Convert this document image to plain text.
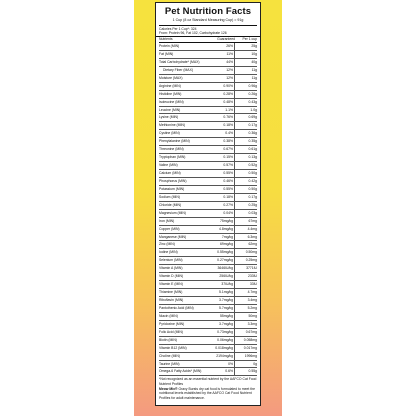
Pet Nutrition Facts
1 Cup (8 oz Standard Measuring Cup) = 91g
Calories Per 1 Cup*: 324
From: Protein 96, Fat 102, Carbohydrate 126
Nutrients	Guaranteed	Per 1 cup
Protein (MIN)	26%	25g
Fat (MIN)	11%	10g
Total Carbohydrate* (MAX)	44%	40g
Dietary Fiber (MAX)	12%	11g
Moisture (MAX)	12%	11g
Arginine (MIN)	0.90%	0.96g
Histidine (MIN)	0.28%	0.26g
Isoleucine (MIN)	0.48%	0.43g
Leucine (MIN)	1.1%	1.0g
Lysine (MIN)	0.76%	0.69g
Methionine (MIN)	0.18%	0.17g
Cystine (MIN)	0.4%	0.36g
Phenylalanine (MIN)	0.38%	0.35g
Threonine (MIN)	0.67%	0.61g
Tryptophan (MIN)	0.15%	0.13g
Valine (MIN)	0.57%	0.52g
Calcium (MIN)	0.55%	0.50g
Phosphorus (MIN)	0.46%	0.42g
Potassium (MIN)	0.55%	0.50g
Sodium (MIN)	0.18%	0.17g
Chloride (MIN)	0.27%	0.25g
Magnesium (MIN)	0.04%	0.03g
Iron (MIN)	75mg/kg	67mg
Copper (MIN)	4.8mg/kg	4.4mg
Manganese (MIN)	7mg/kg	6.3mg
Zinc (MIN)	69mg/kg	62mg
Iodine (MIN)	0.55mg/kg	0.50mg
Selenium (MIN)	0.27mg/kg	0.25mg
Vitamin A (MIN)	3646IU/kg	3771IU
Vitamin D (MIN)	256IU/kg	233IU
Vitamin E (MIN)	37IU/kg	33IU
Thiamine (MIN)	5.1mg/kg	4.7mg
Riboflavin (MIN)	3.7mg/kg	3.4mg
Pantothenic Acid (MIN)	5.7mg/kg	5.2mg
Niacin (MIN)	55mg/kg	50mg
Pyridoxine (MIN)	3.7mg/kg	3.3mg
Folic Acid (MIN)	0.73mg/kg	0.67mg
Biotin (MIN)	0.06mg/kg	0.058mg
Vitamin B12 (MIN)	0.018mg/kg	0.017mg
Choline (MIN)	2194mg/kg	1996mg
Taurine (MIN)	0%	0g
Omega-6 Fatty Acids* (MIN)	0.6%	0.55g
*Not recognized as an essential nutrient by the AAFCO Cat Food Nutrient Profiles
Meow Mix® Gravy Bursts dry cat food is formulated to meet the nutritional levels established by the AAFCO Cat Food Nutrient Profiles for adult maintenance.
